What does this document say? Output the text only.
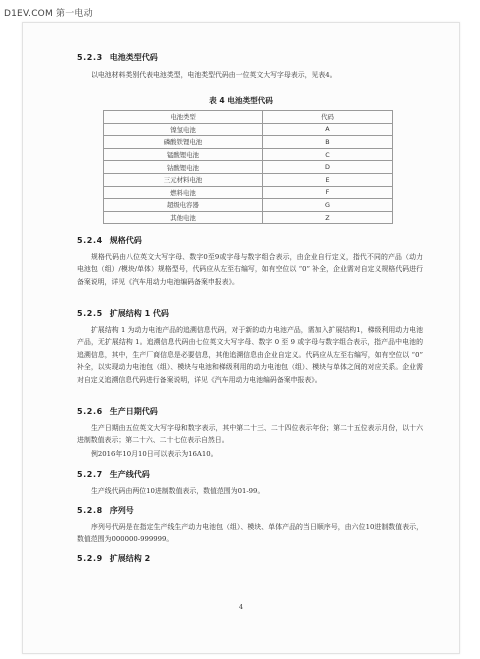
D1EV.COM 第一电动
5.2.3 电池类型代码
以电池材料类别代表电池类型，电池类型代码由一位英文大写字母表示，见表4。
表 4 电池类型代码
电池类型	代码
镍氢电池	A
磷酸铁锂电池	B
锰酸锂电池	C
钴酸锂电池	D
三元材料电池	E
燃料电池	F
超级电容器	G
其他电池	Z
5.2.4 规格代码
规格代码由八位英文大写字母、数字0至9或字母与数字组合表示，由企业自行定义，指代不同的产品（动力电池包（组）/模块/单体）规格型号，代码应从左至右编写，如有空位以 “0” 补全，企业需对自定义规格代码进行备案说明，详见《汽车用动力电池编码备案申报表》。
5.2.5 扩展结构 1 代码
扩展结构 1 为动力电池产品的追溯信息代码，对于新的动力电池产品，需加入扩展结构1，梯级利用动力电池产品，无扩展结构 1。追溯信息代码由七位英文大写字母、数字 0 至 9 或字母与数字组合表示，指产品中电池的追溯信息，其中，生产厂商信息是必要信息，其他追溯信息由企业自定义。代码应从左至右编写，如有空位以 “0” 补全，以实现动力电池包（组）、模块与电池和梯级利用的动力电池包（组）、模块与单体之间的对应关系。企业需对自定义追溯信息代码进行备案说明，详见《汽车用动力电池编码备案申报表》。
5.2.6 生产日期代码
生产日期由五位英文大写字母和数字表示，其中第二十三、二十四位表示年份；第二十五位表示月份，以十六进制数值表示；第二十六、二十七位表示自然日。
例2016年10月10日可以表示为16A10。
5.2.7 生产线代码
生产线代码由两位10进制数值表示，数值范围为01-99。
5.2.8 序列号
序列号代码是在指定生产线生产动力电池包（组）、模块、单体产品的当日顺序号，由六位10进制数值表示，数值范围为000000-999999。
5.2.9 扩展结构 2
4
